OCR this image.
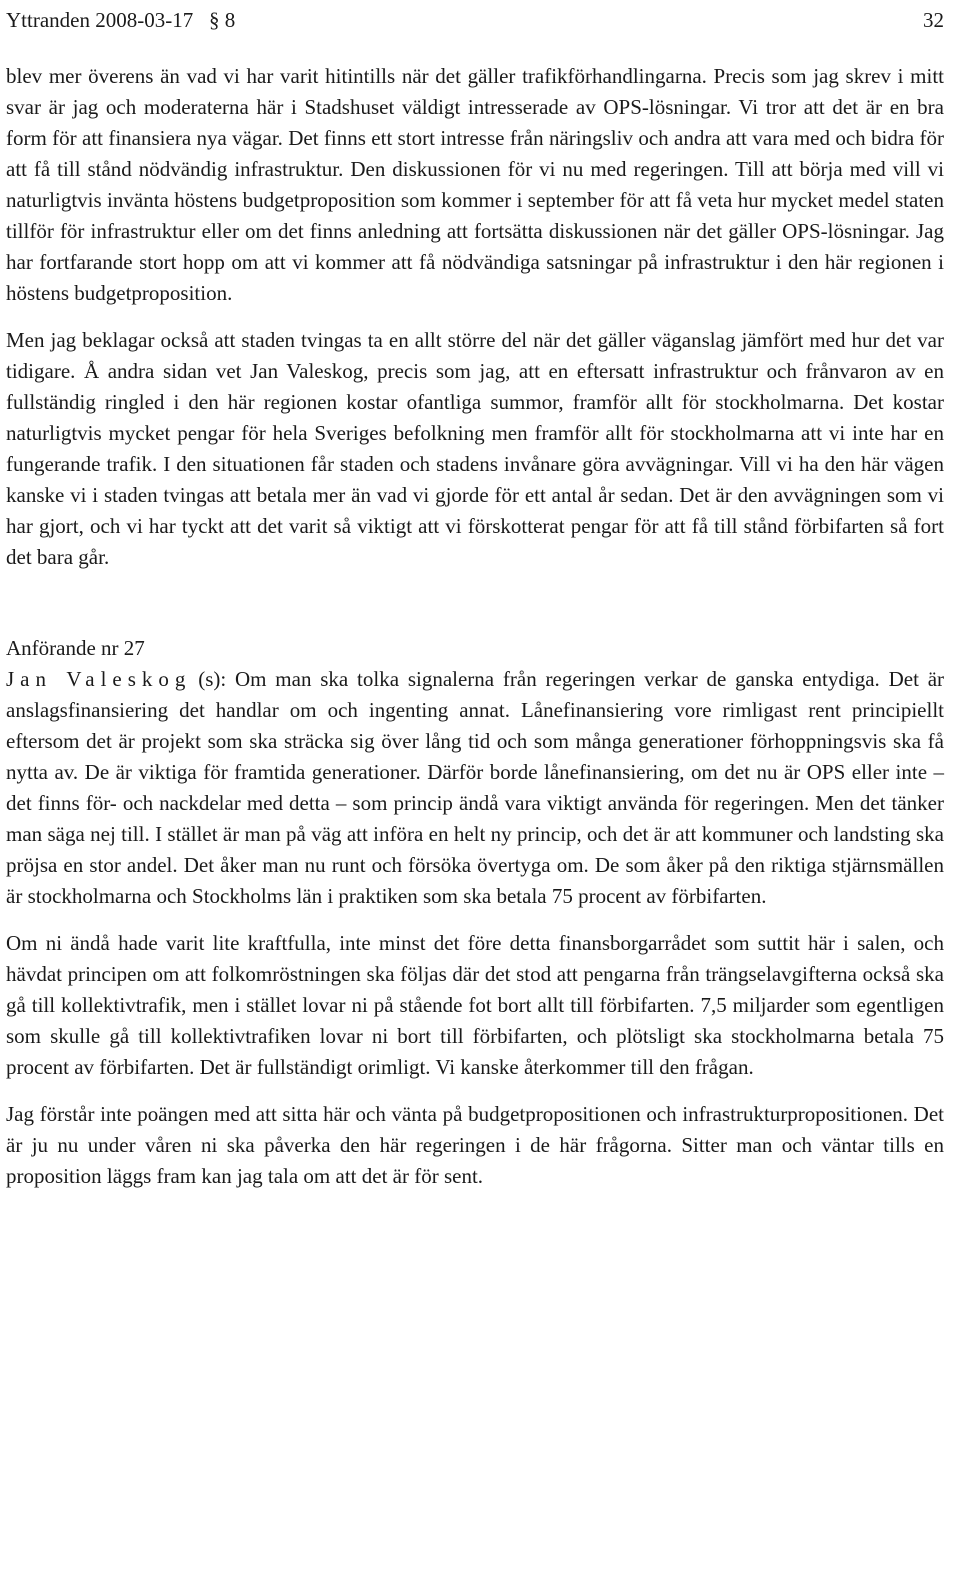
Yttranden 2008-03-17   § 8	32

blev mer överens än vad vi har varit hitintills när det gäller trafikförhandlingarna. Precis som jag skrev i mitt svar är jag och moderaterna här i Stadshuset väldigt intresserade av OPS-lösningar. Vi tror att det är en bra form för att finansiera nya vägar. Det finns ett stort intresse från näringsliv och andra att vara med och bidra för att få till stånd nödvändig infrastruktur. Den diskussionen för vi nu med regeringen. Till att börja med vill vi naturligtvis invänta höstens budgetproposition som kommer i september för att få veta hur mycket medel staten tillför för infrastruktur eller om det finns anledning att fortsätta diskussionen när det gäller OPS-lösningar. Jag har fortfarande stort hopp om att vi kommer att få nödvändiga satsningar på infrastruktur i den här regionen i höstens budgetproposition.

Men jag beklagar också att staden tvingas ta en allt större del när det gäller väganslag jämfört med hur det var tidigare. Å andra sidan vet Jan Valeskog, precis som jag, att en eftersatt infrastruktur och frånvaron av en fullständig ringled i den här regionen kostar ofantliga summor, framför allt för stockholmarna. Det kostar naturligtvis mycket pengar för hela Sveriges befolkning men framför allt för stockholmarna att vi inte har en fungerande trafik. I den situationen får staden och stadens invånare göra avvägningar. Vill vi ha den här vägen kanske vi i staden tvingas att betala mer än vad vi gjorde för ett antal år sedan. Det är den avvägningen som vi har gjort, och vi har tyckt att det varit så viktigt att vi förskotterat pengar för att få till stånd förbifarten så fort det bara går.

Anförande nr 27

Jan Valeskog (s): Om man ska tolka signalerna från regeringen verkar de ganska entydiga. Det är anslagsfinansiering det handlar om och ingenting annat. Lånefinansiering vore rimligast rent principiellt eftersom det är projekt som ska sträcka sig över lång tid och som många generationer förhoppningsvis ska få nytta av. De är viktiga för framtida generationer. Därför borde lånefinansiering, om det nu är OPS eller inte – det finns för- och nackdelar med detta – som princip ändå vara viktigt använda för regeringen. Men det tänker man säga nej till. I stället är man på väg att införa en helt ny princip, och det är att kommuner och landsting ska pröjsa en stor andel. Det åker man nu runt och försöka övertyga om. De som åker på den riktiga stjärnsmällen är stockholmarna och Stockholms län i praktiken som ska betala 75 procent av förbifarten.

Om ni ändå hade varit lite kraftfulla, inte minst det före detta finansborgarrådet som suttit här i salen, och hävdat principen om att folkomröstningen ska följas där det stod att pengarna från trängselavgifterna också ska gå till kollektivtrafik, men i stället lovar ni på stående fot bort allt till förbifarten. 7,5 miljarder som egentligen som skulle gå till kollektivtrafiken lovar ni bort till förbifarten, och plötsligt ska stockholmarna betala 75 procent av förbifarten. Det är fullständigt orimligt. Vi kanske återkommer till den frågan.

Jag förstår inte poängen med att sitta här och vänta på budgetpropositionen och infrastrukturpropositionen. Det är ju nu under våren ni ska påverka den här regeringen i de här frågorna. Sitter man och väntar tills en proposition läggs fram kan jag tala om att det är för sent.
